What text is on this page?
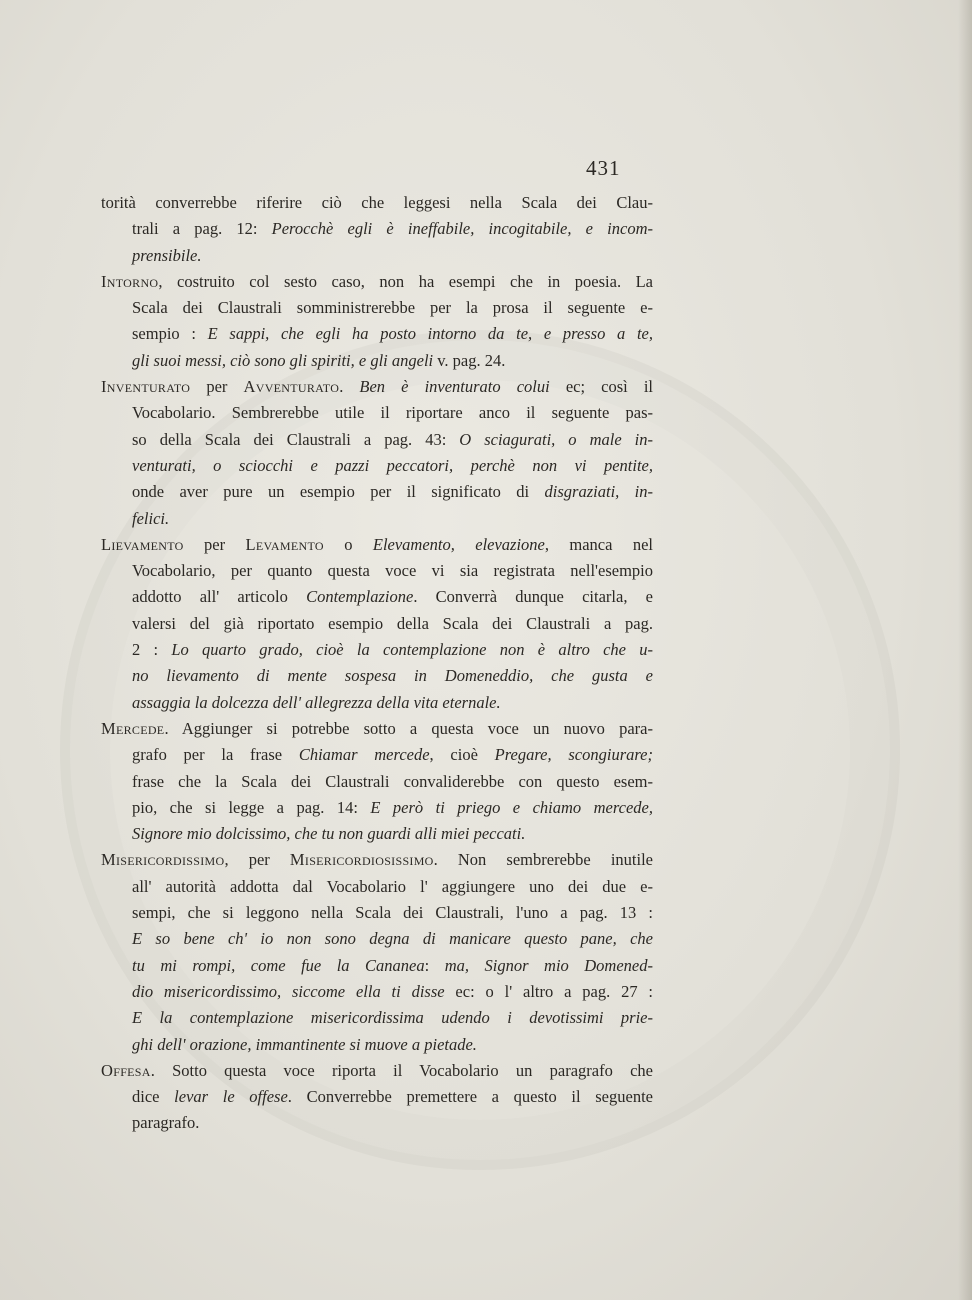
431
torità converrebbe riferire ciò che leggesi nella Scala dei Clau-
trali a pag. 12: Perocchè egli è ineffabile, incogitabile, e incom-
prensibile.
Intorno, costruito col sesto caso, non ha esempi che in poesia. La
Scala dei Claustrali somministrerebbe per la prosa il seguente e-
sempio : E sappi, che egli ha posto intorno da te, e presso a te,
gli suoi messi, ciò sono gli spiriti, e gli angeli v. pag. 24.
Inventurato per Avventurato. Ben è inventurato colui ec; così il
Vocabolario. Sembrerebbe utile il riportare anco il seguente pas-
so della Scala dei Claustrali a pag. 43: O sciagurati, o male in-
venturati, o sciocchi e pazzi peccatori, perchè non vi pentite,
onde aver pure un esempio per il significato di disgraziati, in-
felici.
Lievamento per Levamento o Elevamento, elevazione, manca nel
Vocabolario, per quanto questa voce vi sia registrata nell'esempio
addotto all' articolo Contemplazione. Converrà dunque citarla, e
valersi del già riportato esempio della Scala dei Claustrali a pag.
2 : Lo quarto grado, cioè la contemplazione non è altro che u-
no lievamento di mente sospesa in Domeneddio, che gusta e
assaggia la dolcezza dell' allegrezza della vita eternale.
Mercede. Aggiunger si potrebbe sotto a questa voce un nuovo para-
grafo per la frase Chiamar mercede, cioè Pregare, scongiurare;
frase che la Scala dei Claustrali convaliderebbe con questo esem-
pio, che si legge a pag. 14: E però ti priego e chiamo mercede,
Signore mio dolcissimo, che tu non guardi alli miei peccati.
Misericordissimo, per Misericordiosissimo. Non sembrerebbe inutile
all' autorità addotta dal Vocabolario l' aggiungere uno dei due e-
sempi, che si leggono nella Scala dei Claustrali, l'uno a pag. 13 :
E so bene ch' io non sono degna di manicare questo pane, che
tu mi rompi, come fue la Cananea: ma, Signor mio Domened-
dio misericordissimo, siccome ella ti disse ec: o l' altro a pag. 27 :
E la contemplazione misericordissima udendo i devotissimi prie-
ghi dell' orazione, immantinente si muove a pietade.
Offesa. Sotto questa voce riporta il Vocabolario un paragrafo che
dice levar le offese. Converrebbe premettere a questo il seguente
paragrafo.
